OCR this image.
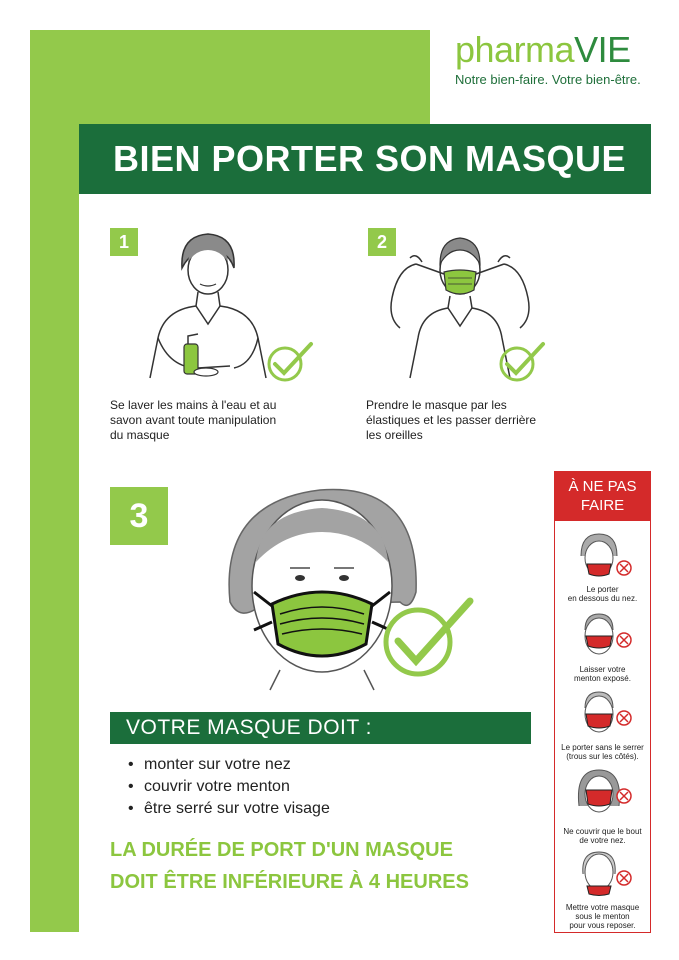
pharmaVIE
Notre bien-faire. Votre bien-être.
BIEN PORTER SON MASQUE
1
Se laver les mains à l'eau et au
savon avant toute manipulation
du masque
2
Prendre le masque par les
élastiques et les passer derrière
les oreilles
3
VOTRE MASQUE DOIT :
• monter sur votre nez
• couvrir votre menton
• être serré sur votre visage
LA DURÉE DE PORT D'UN MASQUE
DOIT ÊTRE INFÉRIEURE À 4 HEURES
À NE PAS
FAIRE
Le porter
en dessous du nez.
Laisser votre
menton exposé.
Le porter sans le serrer
(trous sur les côtés).
Ne couvrir que le bout
de votre nez.
Mettre votre masque
sous le menton
pour vous reposer.
